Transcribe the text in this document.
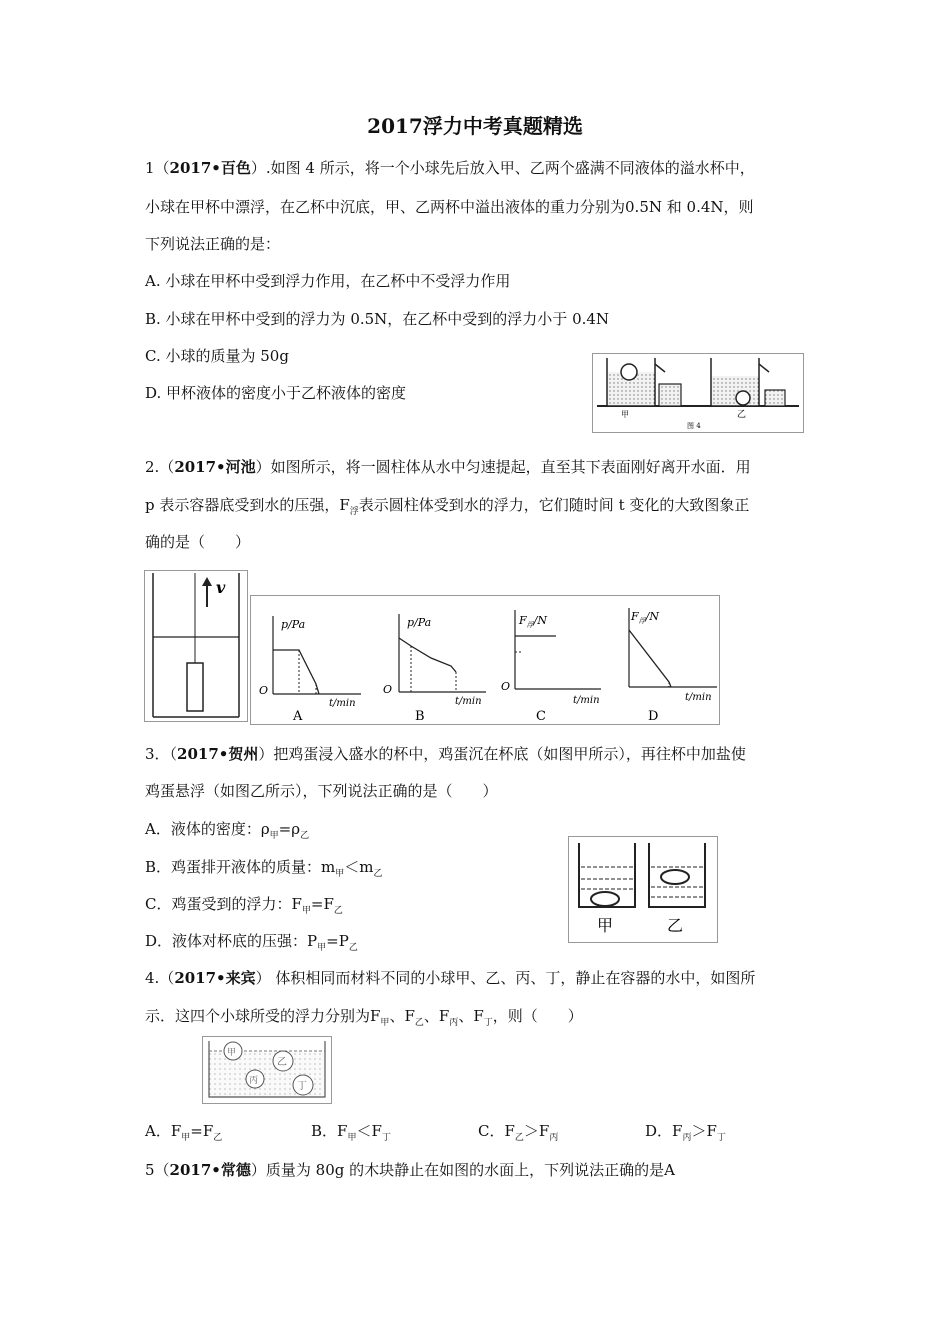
2017浮力中考真题精选
1（2017•百色）.如图 4 所示，将一个小球先后放入甲、乙两个盛满不同液体的溢水杯中，
小球在甲杯中漂浮，在乙杯中沉底，甲、乙两杯中溢出液体的重力分别为0.5N 和 0.4N，则
下列说法正确的是：
A. 小球在甲杯中受到浮力作用，在乙杯中不受浮力作用
B. 小球在甲杯中受到的浮力为 0.5N，在乙杯中受到的浮力小于 0.4N
C. 小球的质量为 50g
D. 甲杯液体的密度小于乙杯液体的密度
甲	乙
图 4
2.（2017•河池）如图所示，将一圆柱体从水中匀速提起，直至其下表面刚好离开水面．用
p 表示容器底受到水的压强，$F_浮$表示圆柱体受到水的浮力，它们随时间 t 变化的大致图象正
确的是（　　）
v
p/Pa
O
t/min
A
p/Pa
O
t/min
B
$F_浮/N$
O
t/min
C
$F_浮/N$
t/min
D
3．（2017•贺州）把鸡蛋浸入盛水的杯中，鸡蛋沉在杯底（如图甲所示），再往杯中加盐使
鸡蛋悬浮（如图乙所示），下列说法正确的是（　　）
A．液体的密度：$\rho_甲=\rho_乙$
B．鸡蛋排开液体的质量：$m_甲<m_乙$
C．鸡蛋受到的浮力：$F_甲=F_乙$
D．液体对杯底的压强：$P_甲=P_乙$
甲	乙
4.（2017•来宾） 体积相同而材料不同的小球甲、乙、丙、丁，静止在容器的水中，如图所
示．这四个小球所受的浮力分别为$F_甲$、$F_乙$、$F_丙$、$F_丁$，则（　　）
甲
乙
丙	丁
A．$F_甲=F_乙$	B．$F_甲<F_丁$	C．$F_乙>F_丙$	D．$F_丙>F_丁$
5（2017•常德）质量为 80g 的木块静止在如图的水面上，下列说法正确的是A
